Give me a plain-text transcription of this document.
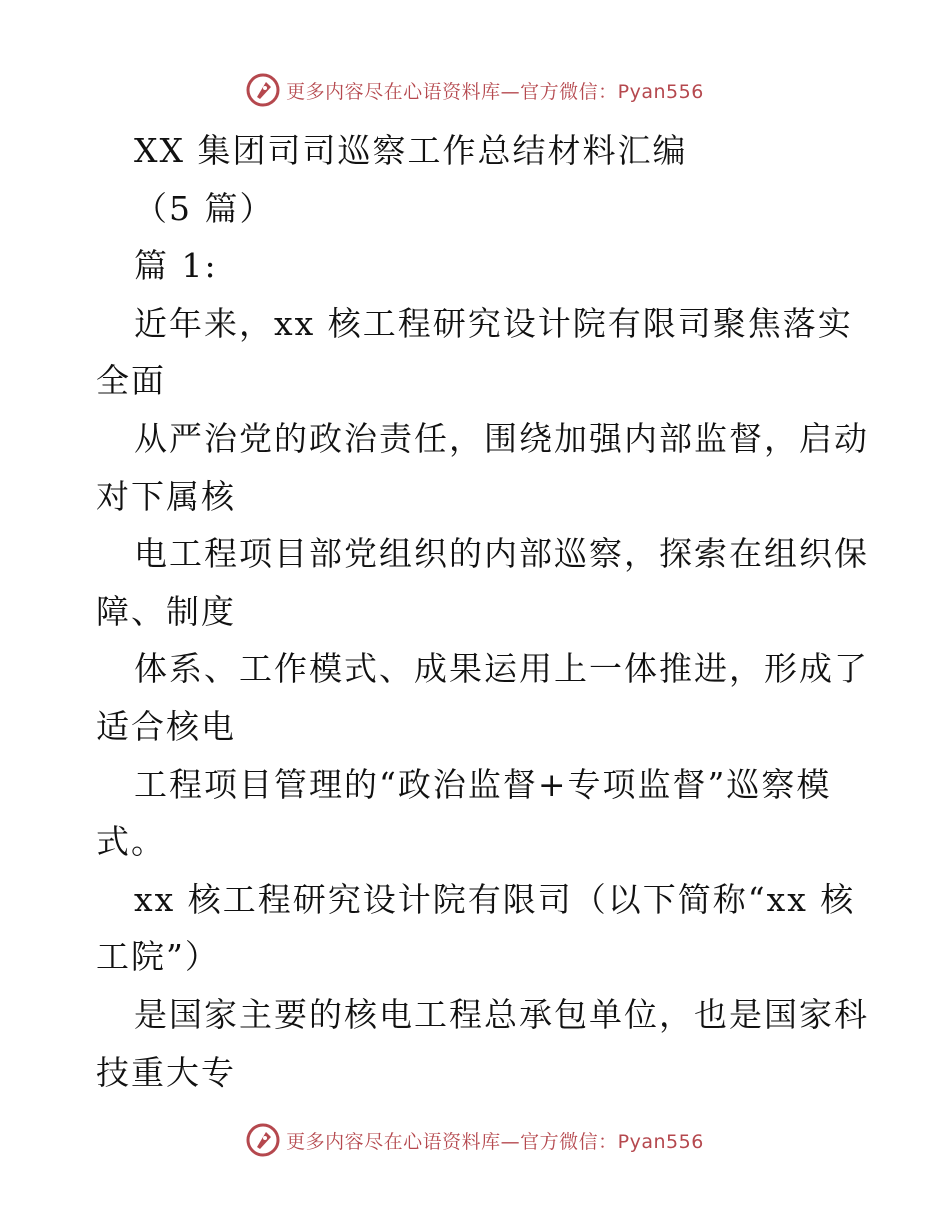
更多内容尽在心语资料库—官方微信：Pyan556
XX 集团司司巡察工作总结材料汇编
（5 篇）
篇 1:
近年来，xx 核工程研究设计院有限司聚焦落实
全面
从严治党的政治责任，围绕加强内部监督，启动
对下属核
电工程项目部党组织的内部巡察，探索在组织保
障、制度
体系、工作模式、成果运用上一体推进，形成了
适合核电
工程项目管理的“政治监督+专项监督”巡察模
式。
xx 核工程研究设计院有限司（以下简称“xx 核
工院”）
是国家主要的核电工程总承包单位，也是国家科
技重大专
更多内容尽在心语资料库—官方微信：Pyan556
